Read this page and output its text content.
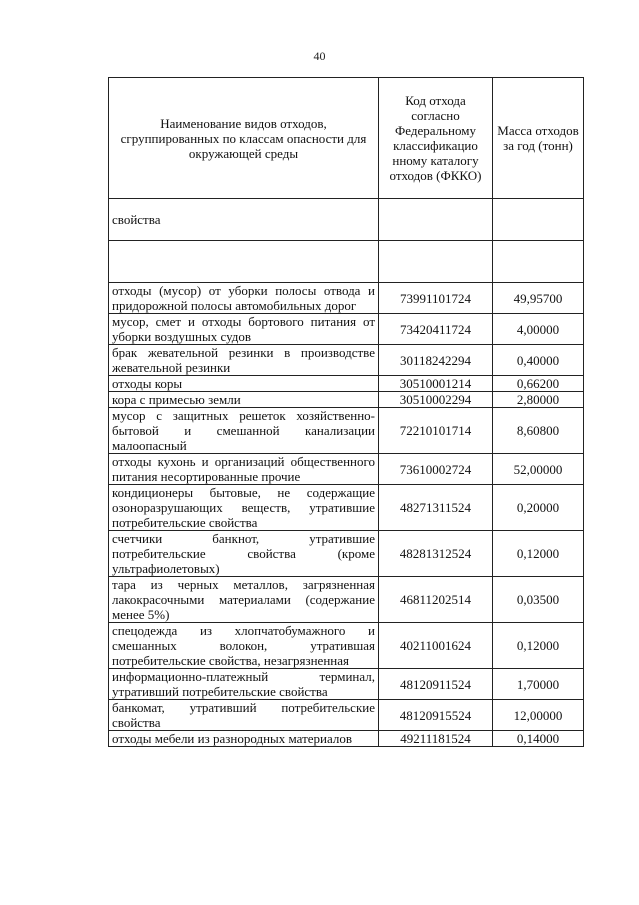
40
Наименование видов отходов, сгруппированных по классам опасности для окружающей среды	Код отхода согласно Федеральному классификацио нному каталогу отходов (ФККО)	Масса отходов за год (тонн)
свойства		

отходы (мусор) от уборки полосы отвода и придорожной полосы автомобильных дорог	73991101724	49,95700
мусор, смет и отходы бортового питания от уборки воздушных судов	73420411724	4,00000
брак жевательной резинки в производстве жевательной резинки	30118242294	0,40000
отходы коры	30510001214	0,66200
кора с примесью земли	30510002294	2,80000
мусор с защитных решеток хозяйственно-бытовой и смешанной канализации малоопасный	72210101714	8,60800
отходы кухонь и организаций общественного питания несортированные прочие	73610002724	52,00000
кондиционеры бытовые, не содержащие озоноразрушающих веществ, утратившие потребительские свойства	48271311524	0,20000
счетчики банкнот, утратившие потребительские свойства (кроме ультрафиолетовых)	48281312524	0,12000
тара из черных металлов, загрязненная лакокрасочными материалами (содержание менее 5%)	46811202514	0,03500
спецодежда из хлопчатобумажного и смешанных волокон, утратившая потребительские свойства, незагрязненная	40211001624	0,12000
информационно-платежный терминал, утративший потребительские свойства	48120911524	1,70000
банкомат, утративший потребительские свойства	48120915524	12,00000
отходы мебели из разнородных материалов	49211181524	0,14000
